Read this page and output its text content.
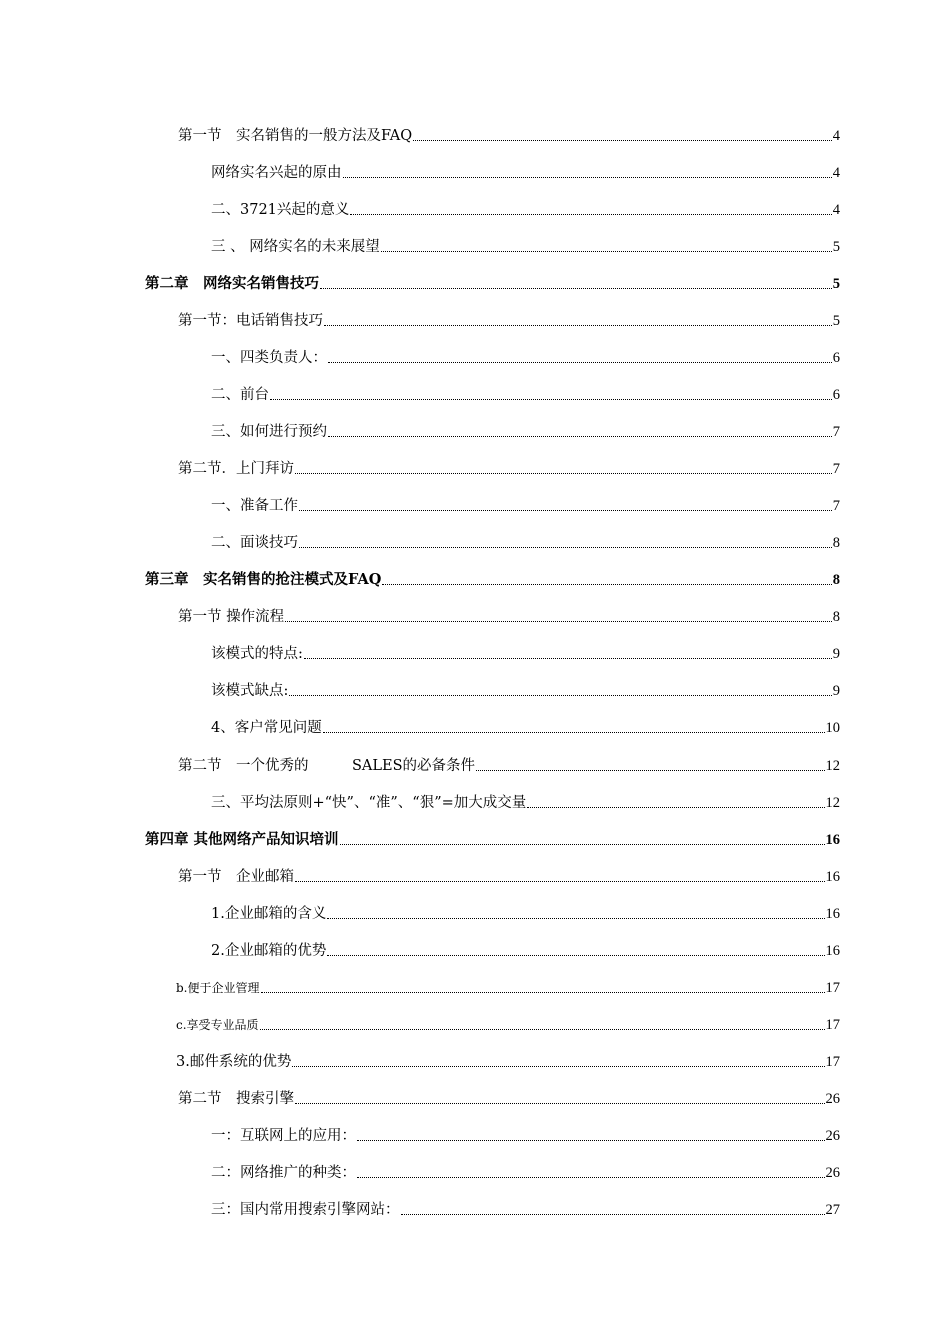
第一节　实名销售的一般方法及FAQ	4
网络实名兴起的原由	4
二、3721兴起的意义	4
三 、 网络实名的未来展望	5
第二章　网络实名销售技巧	5
第一节：电话销售技巧	5
一、四类负责人：	6
二、前台	6
三、如何进行预约	7
第二节．上门拜访	7
一、准备工作	7
二、面谈技巧	8
第三章　实名销售的抢注模式及FAQ	8
第一节 操作流程	8
该模式的特点:	9
该模式缺点:	9
4、客户常见问题	10
第二节　一个优秀的　　　SALES的必备条件	12
三、平均法原则+“快”、“准”、“狠”=加大成交量	12
第四章 其他网络产品知识培训	16
第一节　企业邮箱	16
1.企业邮箱的含义	16
2.企业邮箱的优势	16
b.便于企业管理	17
c.享受专业品质	17
3.邮件系统的优势	17
第二节　搜索引擎	26
一：互联网上的应用：	26
二：网络推广的种类：	26
三：国内常用搜索引擎网站：	27
